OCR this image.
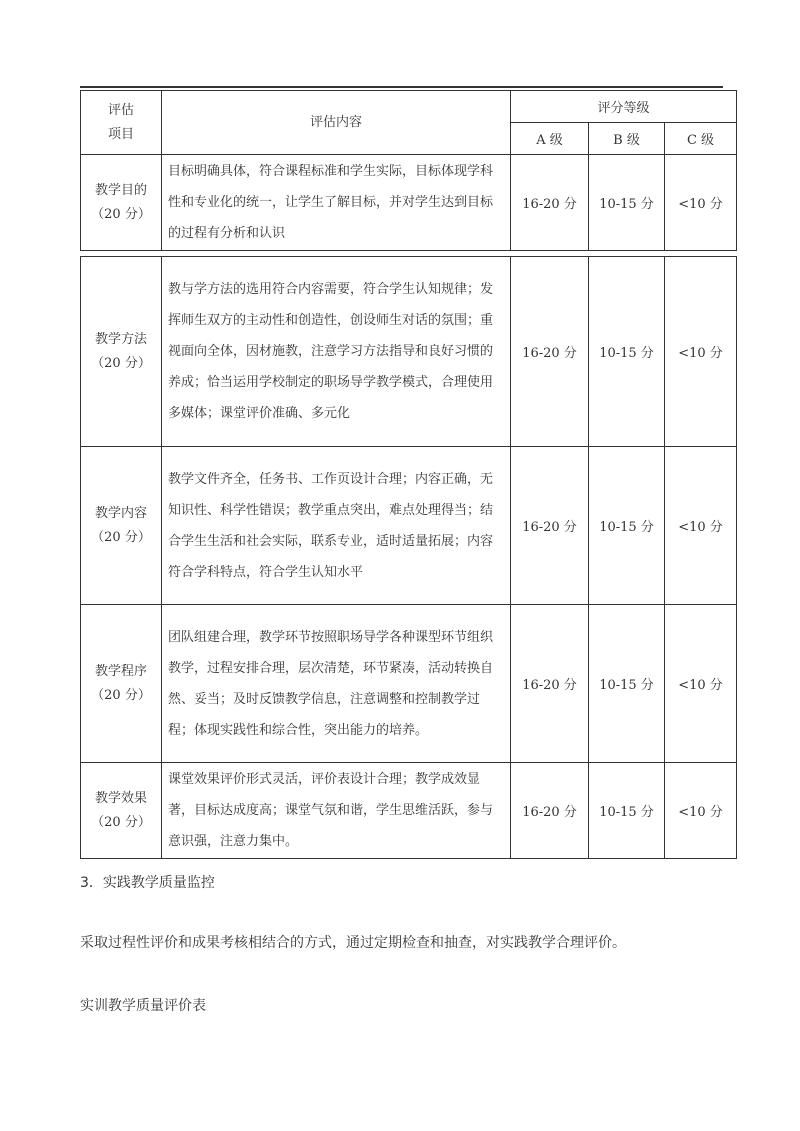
评估
项目	评估内容	评分等级		
		A 级	B 级	C 级

教学目的
（20 分）	目标明确具体，符合课程标准和学生实际，目标体现学科性和专业化的统一，让学生了解目标，并对学生达到目标的过程有分析和认识	16-20 分	10-15 分	<10 分
教学方法
（20 分）	教与学方法的选用符合内容需要，符合学生认知规律；发挥师生双方的主动性和创造性，创设师生对话的氛围；重视面向全体，因材施教，注意学习方法指导和良好习惯的养成；恰当运用学校制定的职场导学教学模式，合理使用多媒体；课堂评价准确、多元化	16-20 分	10-15 分	<10 分

教学内容
（20 分）	教学文件齐全，任务书、工作页设计合理；内容正确，无知识性、科学性错误；教学重点突出，难点处理得当；结合学生生活和社会实际，联系专业，适时适量拓展；内容符合学科特点，符合学生认知水平	16-20 分	10-15 分	<10 分

教学程序
（20 分）	团队组建合理，教学环节按照职场导学各种课型环节组织教学，过程安排合理，层次清楚，环节紧凑，活动转换自然、妥当；及时反馈教学信息，注意调整和控制教学过程；体现实践性和综合性，突出能力的培养。	16-20 分	10-15 分	<10 分

教学效果
（20 分）	课堂效果评价形式灵活，评价表设计合理；教学成效显著，目标达成度高；课堂气氛和谐，学生思维活跃，参与意识强，注意力集中。	16-20 分	10-15 分	<10 分
3．实践教学质量监控
采取过程性评价和成果考核相结合的方式，通过定期检查和抽查，对实践教学合理评价。
实训教学质量评价表
